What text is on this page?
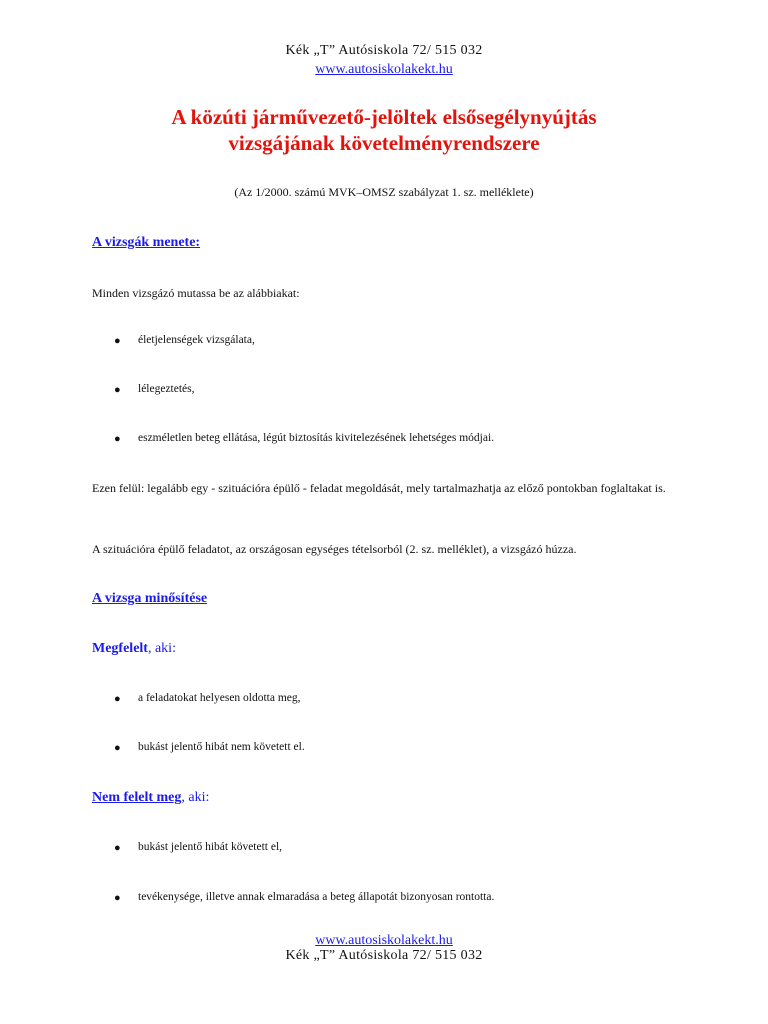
Kék „T” Autósiskola 72/ 515 032
www.autosiskolakekt.hu
A közúti járművezető-jelöltek elsősegélynyújtás
vizsgájának követelményrendszere
(Az 1/2000. számú MVK–OMSZ szabályzat 1. sz. melléklete)
A vizsgák menete:
Minden vizsgázó mutassa be az alábbiakat:
● életjelenségek vizsgálata,
● lélegeztetés,
● eszméletlen beteg ellátása, légút biztosítás kivitelezésének lehetséges módjai.
Ezen felül: legalább egy - szituációra épülő - feladat megoldását, mely tartalmazhatja az előző pontokban foglaltakat is.
A szituációra épülő feladatot, az országosan egységes tételsorból (2. sz. melléklet), a vizsgázó húzza.
A vizsga minősítése
Megfelelt, aki:
● a feladatokat helyesen oldotta meg,
● bukást jelentő hibát nem követett el.
Nem felelt meg, aki:
● bukást jelentő hibát követett el,
● tevékenysége, illetve annak elmaradása a beteg állapotát bizonyosan rontotta.
www.autosiskolakekt.hu
Kék „T” Autósiskola 72/ 515 032
